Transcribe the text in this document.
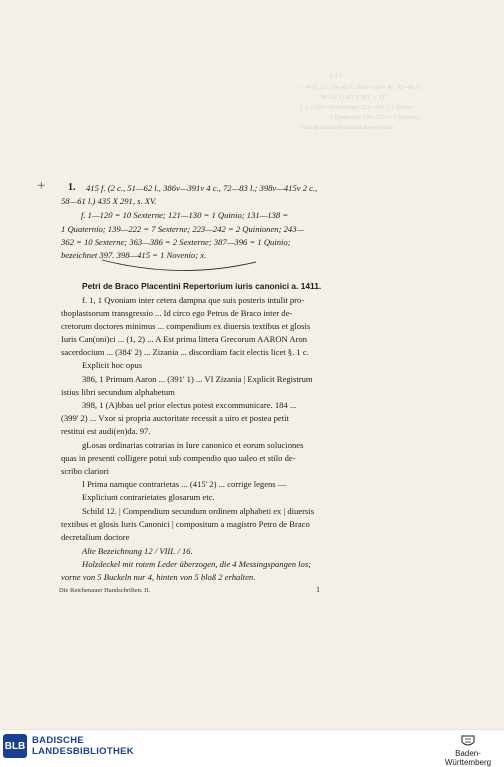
f. 1 1
1. 415f. (2c., 51—62 l., 386v—391v 4c., 72—83 l.;
58—61 l.) 435 X 291, s. XV.
f. 1—120 = 10 Sexterne; 121—130 = 1 Quinio;
1 Quaternio; 139—222 = 7 Sexterne;
Petri de Braco Placentini Repertorium
+ 1. 415 f. (2 c., 51—62 l., 386v—391v 4 c., 72—83 l.; 398v—415v 2 c.,
58—61 l.) 435 X 291, s. XV.
f. 1—120 = 10 Sexterne; 121—130 = 1 Quinio; 131—138 =
1 Quaternio; 139—222 = 7 Sexterne; 223—242 = 2 Quinionen; 243—
362 = 10 Sexterne; 363—386 = 2 Sexterne; 387—396 = 1 Quinio;
bezeichnet 397. 398—415 = 1 Novenio; x.
Petri de Braco Placentini Repertorium iuris canonici a. 1411.
f. 1, 1 Qvoniam inter cetera dampna que suis posteris intulit pro-
thoplastsorum transgressio ... Id circo ego Petrus de Braco inter de-
cretorum doctores minimus ... compendium ex diuersis textibus et glosis
Iuris Can(oni)ci ... (1, 2) ... A Est prima littera Grecorum AARON Aron
sacerdocium ... (384' 2) ... Zizania ... discordiam facit electis licet §. 1 c.
Explicit hoc opus
386, 1 Primum Aaron ... (391' 1) ... VI Zizania | Explicit Registrum
istius libri secundum alphabetum
398, 1 (A)bbas uel prior electus potest excommunicare. 184 ...
(399' 2) ... Vxor si propria auctoritate recessit a uiro et postea petit
restitui est audi(en)da. 97.
gLosas ordinarias cotrarias in Iure canonico et eorum soluciones
quas in presenti colligere potui sub compendio quo ualeo et stilo de-
scribo clariori
I Prima namque contrarietas ... (415' 2) ... corrige legens —
Expliciunt contrarietates glosarum etc.
Schild 12. | Compendium secundum ordinem alphabeti ex | diuersis
textibus et glosis Iuris Canonici | compositum a magistro Petro de Braco
decretalium doctore
Alte Bezeichnung 12 / VIII. / 16.
Holzdeckel mit rotem Leder überzogen, die 4 Messingspangen los;
vorne von 5 Buckeln nur 4, hinten von 5 bloß 2 erhalten.
Die Reichenauer Handschriften. II.	1
BLB BADISCHE
LANDESBIBLIOTHEK	Baden-Württemberg
